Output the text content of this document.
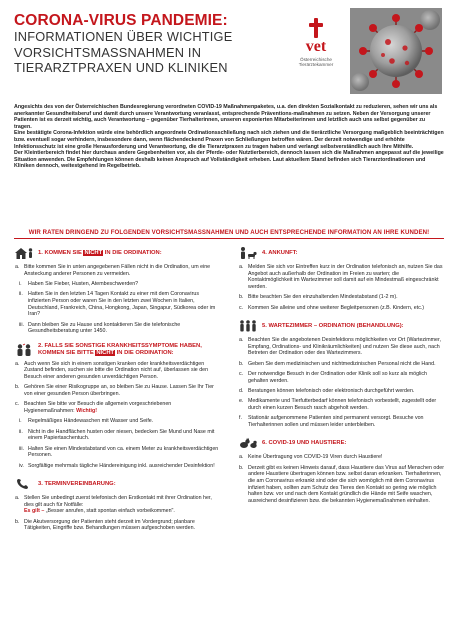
CORONA-VIRUS PANDEMIE:
INFORMATIONEN ÜBER WICHTIGE
VORSICHTSMASSNAHMEN IN
TIERARZTPRAXEN UND KLINIKEN
vet
Österreichische
Tierärztekammer
Angesichts des von der Österreichischen Bundesregierung verordneten COVID-19 Maßnahmenpaketes, u.a. den direkten Sozialkontakt zu reduzieren, sehen wir uns als anerkannter Gesundheitsberuf und damit durch unsere Verantwortung veranlasst, entsprechende Präventions-maßnahmen zu setzen. Neben der Versorgung unserer Patienten ist es derzeit wichtig, auch Verantwortung – gegenüber Tierhalterinnen, unseren exponierten Mitarbeiterinnen und letztlich auch uns selbst gegenüber zu tragen.
Eine bestätigte Corona-Infektion würde eine behördlich angeordnete Ordinationsschließung nach sich ziehen und die tierärztliche Versorgung maßgeblich beeinträchtigen bzw. eventuell sogar verhindern, insbesondere dann, wenn flächendeckend Praxen von Schließungen betroffen wären. Der derzeit notwendige und erhöhte Infektionsschutz ist eine große Herausforderung und Verantwortung, die die Tierarztpraxen zu tragen haben und verlangt selbstverständlich auch Ihre Mithilfe.
Der Kleintierbereich findet hier durchaus andere Gegebenheiten vor, als der Pferde- oder Nutztierbereich, dennoch lassen sich die Maßnahmen angepasst auf die jeweilige Situation anwenden. Die Empfehlungen können deshalb keinen Anspruch auf Vollständigkeit erheben. Laut aktuellem Stand befinden sich Tierarztordinationen und Kliniken dennoch, weitestgehend im Regelbetrieb.
WIR RATEN DRINGEND ZU FOLGENDEN VORSICHTSMASSNAHMEN UND AUCH ENTSPRECHENDE INFORMATION AN IHRE KUNDEN!
1. KOMMEN SIE NICHT IN DIE ORDINATION:
a. Bitte kommen Sie in unten angegebenen Fällen nicht in die Ordination, um eine Ansteckung anderer Personen zu vermeiden.
i.	Haben Sie Fieber, Husten, Atembeschwerden?
ii. Hatten Sie in den letzten 14 Tagen Kontakt zu einer mit dem Coronavirus infizierten Person oder waren Sie in den letzten zwei Wochen in Italien, Deutschland, Frankreich, China, Hongkong, Japan, Singapur, Südkorea oder im Iran?
iii. Dann bleiben Sie zu Hause und kontaktieren Sie die telefonische Gesundheitsberatung unter 1450.
2. FALLS SIE SONSTIGE KRANKHEITSSYMPTOME HABEN, KOMMEN SIE BITTE NICHT IN DIE ORDINATION:
a. Auch wenn Sie sich in einem sonstigen kranken oder krankheitsverdächtigen Zustand befinden, suchen sie bitte die Ordination nicht auf, überlassen sie den Besuch einer anderen gesunden unverdächtigen Person.
b. Gehören Sie einer Risikogruppe an, so bleiben Sie zu Hause. Lassen Sie Ihr Tier von einer gesunden Person überbringen.
c. Beachten Sie bitte vor Besuch die allgemein vorgeschriebenen Hygienemaßnahmen: Wichtig!
i.	Regelmäßiges Händewaschen mit Wasser und Seife.
ii. Nicht in die Handflächen husten oder niesen, bedecken Sie Mund und Nase mit einem Papiertaschentuch.
iii. Halten Sie einen Mindestabstand von ca. einem Meter zu krankheitsverdächtigen Personen.
iv. Sorgfältige mehrmals tägliche Händereinigung inkl. ausreichender Desinfektion!
3. TERMINVEREINBARUNG:
a. Stellen Sie unbedingt zuerst telefonisch den Erstkontakt mit ihrer Ordination her, dies gilt auch für Notfälle:
Es gilt – „Besser anrufen, statt spontan einfach vorbeikommen".
b. Die Akutversorgung der Patienten steht derzeit im Vordergrund; planbare Tätigkeiten, Eingriffe bzw. Behandlungen müssen aufgeschoben werden.
4. ANKUNFT:
a. Melden Sie sich vor Eintreffen kurz in der Ordination telefonisch an, nutzen Sie das Angebot auch außerhalb der Ordination im Freien zu warten; die Kontaktmöglichkeit im Wartezimmer soll damit auf ein Mindestmaß eingeschränkt werden.
b. Bitte beachten Sie den einzuhaltenden Mindestabstand (1-2 m).
c. Kommen Sie alleine und ohne weiterer Begleitpersonen (z.B. Kindern, etc.)
5. WARTEZIMMER – ORDINATION (BEHANDLUNG):
a. Beachten Sie die angebotenen Desinfektions möglichkeiten vor Ort (Wartezimmer, Empfang, Ordinations- und Klinikräumlichkeiten) und nutzen Sie diese auch, nach Betreten der Ordination oder des Wartezimmers.
b. Geben Sie dem medizinischen und nichtmedizinischen Personal nicht die Hand.
c. Der notwendige Besuch in der Ordination oder Klinik soll so kurz als möglich gehalten werden.
d. Beratungen können telefonisch oder elektronisch durchgeführt werden.
e. Medikamente und Tierfutterbedarf können telefonisch vorbestellt, zugestellt oder durch einen kurzen Besuch rasch abgeholt werden.
f.	Stationär aufgenommene Patienten sind permanent versorgt. Besuche von Tierhalterinnen sollen und müssen leider unterbleiben.
6. COVID-19 UND HAUSTIERE:
a. Keine Übertragung von COVID-19 Viren durch Haustiere!
b. Derzeit gibt es keinen Hinweis darauf, dass Haustiere das Virus auf Menschen oder andere Haustiere übertragen können bzw. selbst daran erkranken. Tierhalterinnen, die am Coronavirus erkrankt sind oder die sich womöglich mit dem Coronavirus infiziert haben, sollten zum Schutz des Tieres den Kontakt so gering wie möglich halten bzw. vor und nach dem Kontakt gründlich die Hände mit Seife waschen, ausreichend desinfizieren bzw. die bekannten Hygienemaßnahmen einhalten.
